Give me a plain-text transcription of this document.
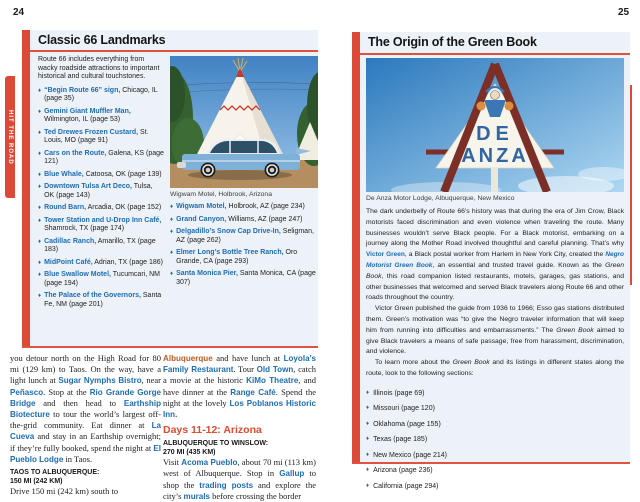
24	25
HIT THE ROAD
Classic 66 Landmarks

Route 66 includes everything from wacky roadside attractions to important historical and cultural touchstones.

♦ “Begin Route 66” sign, Chicago, IL (page 35)
♦ Gemini Giant Muffler Man, Wilmington, IL (page 53)
♦ Ted Drewes Frozen Custard, St. Louis, MO (page 91)
♦ Cars on the Route, Galena, KS (page 121)
♦ Blue Whale, Catoosa, OK (page 139)
♦ Downtown Tulsa Art Deco, Tulsa, OK (page 143)
♦ Round Barn, Arcadia, OK (page 152)
♦ Tower Station and U-Drop Inn Café, Shamrock, TX (page 174)
♦ Cadillac Ranch, Amarillo, TX (page 183)
♦ MidPoint Café, Adrian, TX (page 186)
♦ Blue Swallow Motel, Tucumcari, NM (page 194)
♦ The Palace of the Governors, Santa Fe, NM (page 201)
Wigwam Motel, Holbrook, Arizona
♦ Wigwam Motel, Holbrook, AZ (page 234)
♦ Grand Canyon, Williams, AZ (page 247)
♦ Delgadillo’s Snow Cap Drive-In, Seligman, AZ (page 262)
♦ Elmer Long’s Bottle Tree Ranch, Oro Grande, CA (page 293)
♦ Santa Monica Pier, Santa Monica, CA (page 307)

you detour north on the High Road for 80 mi (129 km) to Taos. On the way, have a light lunch at Sugar Nymphs Bistro, near Peñasco. Stop at the Rio Grande Gorge Bridge and then head to Earthship Biotecture to tour the world’s largest off-the-grid community. Eat dinner at La Cueva and stay in an Earthship overnight; if they’re fully booked, spend the night at El Pueblo Lodge in Taos.

TAOS TO ALBUQUERQUE:
150 MI (242 KM)

Drive 150 mi (242 km) south to

Albuquerque and have lunch at Loyola’s Family Restaurant. Tour Old Town, catch a movie at the historic KiMo Theatre, and have dinner at the Range Café. Spend the night at the lovely Los Poblanos Historic Inn.

Days 11-12: Arizona
ALBUQUERQUE TO WINSLOW:
270 MI (435 KM)

Visit Acoma Pueblo, about 70 mi (113 km) west of Albuquerque. Stop in Gallup to shop the trading posts and explore the city’s murals before crossing the border

The Origin of the Green Book
DE
ANZA
De Anza Motor Lodge, Albuquerque, New Mexico

The dark underbelly of Route 66’s history was that during the era of Jim Crow, Black motorists faced discrimination and even violence when traveling the route. Many businesses wouldn’t serve Black people. For a Black motorist, embarking on a journey along the Mother Road involved thoughtful and careful planning. That’s why Victor Green, a Black postal worker from Harlem in New York City, created the Negro Motorist Green Book, an essential and trusted travel guide. Known as the Green Book, this road companion listed restaurants, motels, garages, gas stations, and other businesses that welcomed and served Black travelers along Route 66 and other roads throughout the country.

Victor Green published the guide from 1936 to 1966; Esso gas stations distributed them. Green’s motivation was “to give the Negro traveler information that will keep him from running into difficulties and embarrassments.” The Green Book aimed to give Black travelers a means of safe passage, free from harassment, discrimination, and violence.

To learn more about the Green Book and its listings in different states along the route, look to the following sections:

♦ Illinois (page 69)
♦ Missouri (page 120)
♦ Oklahoma (page 155)
♦ Texas (page 185)
♦ New Mexico (page 214)
♦ Arizona (page 236)
♦ California (page 294)
